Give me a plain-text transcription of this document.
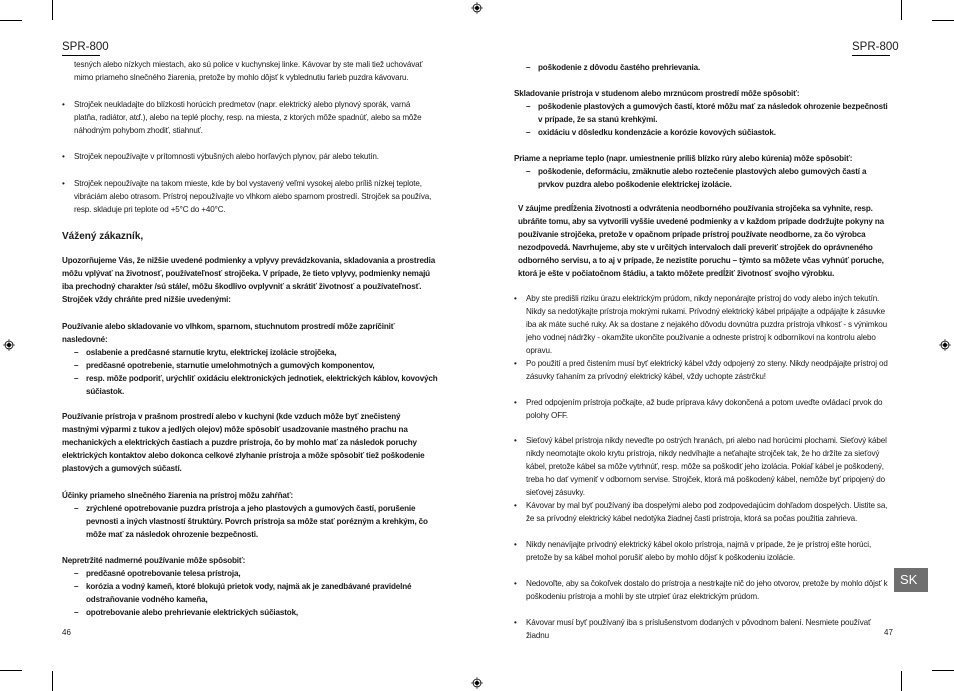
SPR-800
tesných alebo nízkych miestach, ako sú police v kuchynskej linke. Kávovar by ste mali tiež uchovávať mimo priameho slnečného žiarenia, pretože by mohlo dôjsť k vyblednutiu farieb puzdra kávovaru.
• Strojček neukladajte do blízkosti horúcich predmetov (napr. elektrický alebo plynový sporák, varná platňa, radiátor, atď.), alebo na teplé plochy, resp. na miesta, z ktorých môže spadnúť, alebo sa môže náhodným pohybom zhodiť, stiahnuť.
• Strojček nepoužívajte v prítomnosti výbušných alebo horľavých plynov, pár alebo tekutín.
• Strojček nepoužívajte na takom mieste, kde by bol vystavený veľmi vysokej alebo príliš nízkej teplote, vibráciám alebo otrasom. Prístroj nepoužívajte vo vlhkom alebo sparnom prostredí. Strojček sa používa, resp. skladuje pri teplote od +5°C do +40°C.
Vážený zákazník,
Upozorňujeme Vás, že nižšie uvedené podmienky a vplyvy prevádzkovania, skladovania a prostredia môžu vplývať na životnosť, používateľnosť strojčeka. V prípade, že tieto vplyvy, podmienky nemajú iba prechodný charakter /sú stále/, môžu škodlivo ovplyvniť a skrátiť životnosť a používateľnosť. Strojček vždy chráňte pred nižšie uvedenými:
Používanie alebo skladovanie vo vlhkom, sparnom, stuchnutom prostredí môže zapríčiniť nasledovné:
– oslabenie a predčasné starnutie krytu, elektrickej izolácie strojčeka,
– predčasné opotrebenie, starnutie umelohmotných a gumových komponentov,
– resp. môže podporiť, urýchliť oxidáciu elektronických jednotiek, elektrických káblov, kovových súčiastok.
Používanie prístroja v prašnom prostredí alebo v kuchyni (kde vzduch môže byť znečistený mastnými výparmi z tukov a jedlých olejov) môže spôsobiť usadzovanie mastného prachu na mechanických a elektrických častiach a puzdre prístroja, čo by mohlo mať za následok poruchy elektrických kontaktov alebo dokonca celkové zlyhanie prístroja a môže spôsobiť tiež poškodenie plastových a gumových súčastí.
Účinky priameho slnečného žiarenia na prístroj môžu zahŕňať:
– zrýchlené opotrebovanie puzdra prístroja a jeho plastových a gumových častí, porušenie pevnosti a iných vlastností štruktúry. Povrch prístroja sa môže stať porézným a krehkým, čo môže mať za následok ohrozenie bezpečnosti.
Nepretržité nadmerné používanie môže spôsobiť:
– predčasné opotrebovanie telesa prístroja,
– korózia a vodný kameň, ktoré blokujú prietok vody, najmä ak je zanedbávané pravidelné odstraňovanie vodného kameňa,
– opotrebovanie alebo prehrievanie elektrických súčiastok,
46
SPR-800
– poškodenie z dôvodu častého prehrievania.
Skladovanie prístroja v studenom alebo mrznúcom prostredí môže spôsobiť:
– poškodenie plastových a gumových častí, ktoré môžu mať za následok ohrozenie bezpečnosti v prípade, že sa stanú krehkými.
– oxidáciu v dôsledku kondenzácie a korózie kovových súčiastok.
Priame a nepriame teplo (napr. umiestnenie príliš blízko rúry alebo kúrenia) môže spôsobiť:
– poškodenie, deformáciu, zmäknutie alebo roztečenie plastových alebo gumových častí a prvkov puzdra alebo poškodenie elektrickej izolácie.
V záujme predĺženia životnosti a odvrátenia neodborného používania strojčeka sa vyhnite, resp. ubráňte tomu, aby sa vytvorili vyššie uvedené podmienky a v každom prípade dodržujte pokyny na používanie strojčeka, pretože v opačnom prípade prístroj používate neodborne, za čo výrobca nezodpovedá. Navrhujeme, aby ste v určitých intervaloch dali preveriť strojček do oprávneného odborného servisu, a to aj v prípade, že nezistíte poruchu – týmto sa môžete včas vyhnúť poruche, ktorá je ešte v počiatočnom štádiu, a takto môžete predĺžiť životnosť svojho výrobku.
• Aby ste predišli riziku úrazu elektrickým prúdom, nikdy neponárajte prístroj do vody alebo iných tekutín. Nikdy sa nedotýkajte prístroja mokrými rukami. Prívodný elektrický kábel pripájajte a odpájajte k zásuvke iba ak máte suché ruky. Ak sa dostane z nejakého dôvodu dovnútra puzdra prístroja vlhkosť - s výnimkou jeho vodnej nádržky - okamžite ukončite používanie a odneste prístroj k odborníkovi na kontrolu alebo opravu.
• Po použití a pred čistením musí byť elektrický kábel vždy odpojený zo steny. Nikdy neodpájajte prístroj od zásuvky ťahaním za prívodný elektrický kábel, vždy uchopte zástrčku!
• Pred odpojením prístroja počkajte, až bude príprava kávy dokončená a potom uveďte ovládací prvok do polohy OFF.
• Sieťový kábel prístroja nikdy neveďte po ostrých hranách, pri alebo nad horúcimi plochami. Sieťový kábel nikdy neomotajte okolo krytu prístroja, nikdy nedvíhajte a neťahajte strojček tak, že ho držíte za sieťový kábel, pretože kábel sa môže vytrhnúť, resp. môže sa poškodiť jeho izolácia. Pokiaľ kábel je poškodený, treba ho dať vymeniť v odbornom servise. Strojček, ktorá má poškodený kábel, nemôže byť pripojený do sieťovej zásuvky.
• Kávovar by mal byť používaný iba dospelými alebo pod zodpovedajúcim dohľadom dospelých. Uistite sa, že sa prívodný elektrický kábel nedotýka žiadnej časti prístroja, ktorá sa počas použitia zahrieva.
• Nikdy nenavíjajte prívodný elektrický kábel okolo prístroja, najmä v prípade, že je prístroj ešte horúci, pretože by sa kábel mohol porušiť alebo by mohlo dôjsť k poškodeniu izolácie.
• Nedovoľte, aby sa čokoľvek dostalo do prístroja a nestrkajte nič do jeho otvorov, pretože by mohlo dôjsť k poškodeniu prístroja a mohli by ste utrpieť úraz elektrickým prúdom.
• Kávovar musí byť používaný iba s príslušenstvom dodaných v pôvodnom balení. Nesmiete používať žiadnu	47
SK
